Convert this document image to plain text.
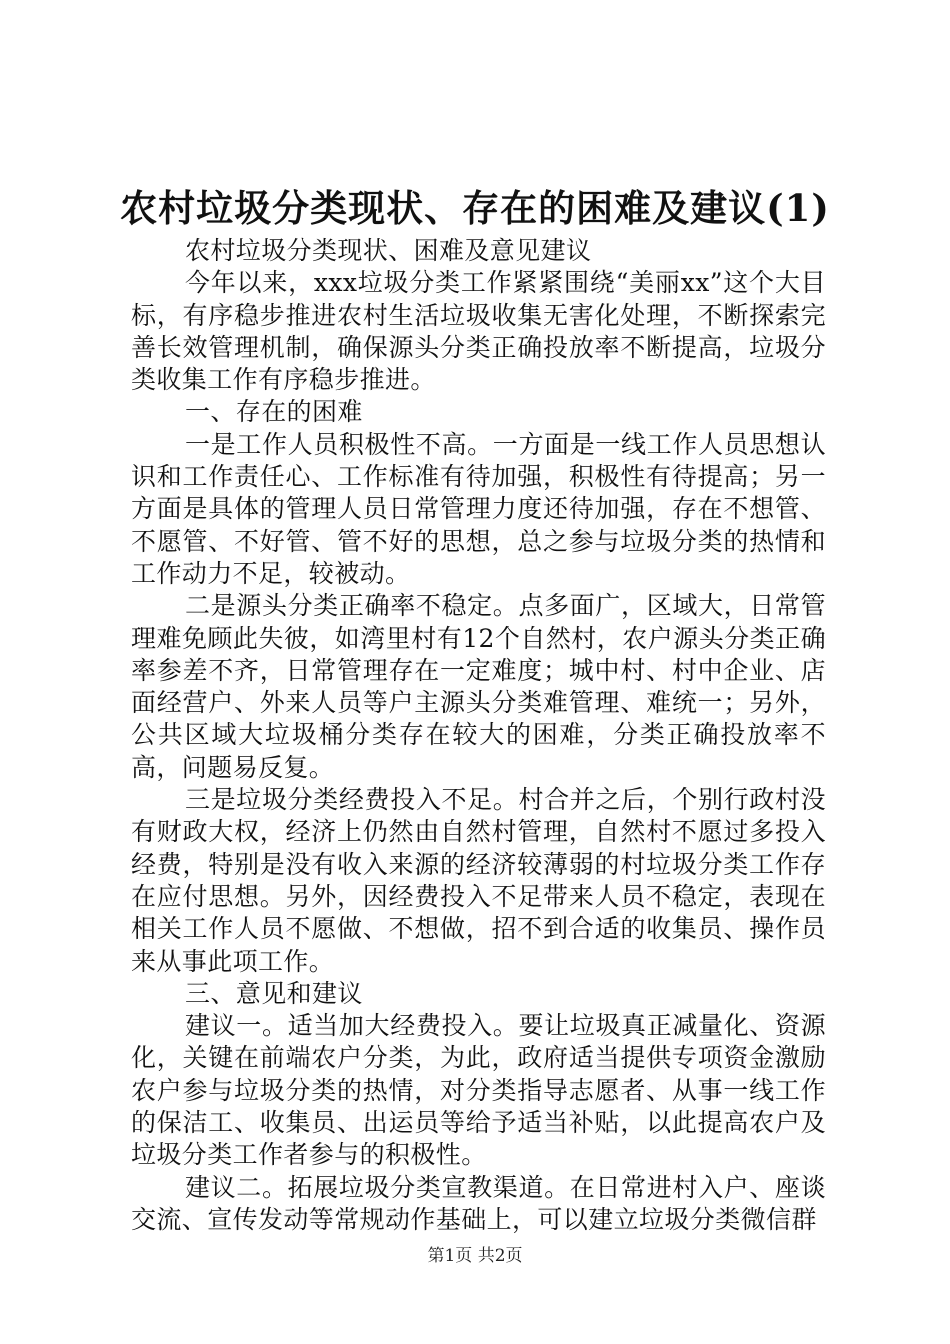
农村垃圾分类现状、存在的困难及建议(1)

农村垃圾分类现状、困难及意见建议

今年以来，xxx垃圾分类工作紧紧围绕“美丽xx”这个大目标，有序稳步推进农村生活垃圾收集无害化处理，不断探索完善长效管理机制，确保源头分类正确投放率不断提高，垃圾分类收集工作有序稳步推进。

一、存在的困难

一是工作人员积极性不高。一方面是一线工作人员思想认识和工作责任心、工作标准有待加强，积极性有待提高；另一方面是具体的管理人员日常管理力度还待加强，存在不想管、不愿管、不好管、管不好的思想，总之参与垃圾分类的热情和工作动力不足，较被动。

二是源头分类正确率不稳定。点多面广，区域大，日常管理难免顾此失彼，如湾里村有12个自然村，农户源头分类正确率参差不齐，日常管理存在一定难度；城中村、村中企业、店面经营户、外来人员等户主源头分类难管理、难统一；另外，公共区域大垃圾桶分类存在较大的困难，分类正确投放率不高，问题易反复。

三是垃圾分类经费投入不足。村合并之后，个别行政村没有财政大权，经济上仍然由自然村管理，自然村不愿过多投入经费，特别是没有收入来源的经济较薄弱的村垃圾分类工作存在应付思想。另外，因经费投入不足带来人员不稳定，表现在相关工作人员不愿做、不想做，招不到合适的收集员、操作员来从事此项工作。

三、意见和建议

建议一。适当加大经费投入。要让垃圾真正减量化、资源化，关键在前端农户分类，为此，政府适当提供专项资金激励农户参与垃圾分类的热情，对分类指导志愿者、从事一线工作的保洁工、收集员、出运员等给予适当补贴，以此提高农户及垃圾分类工作者参与的积极性。

建议二。拓展垃圾分类宣教渠道。在日常进村入户、座谈交流、宣传发动等常规动作基础上，可以建立垃圾分类微信群

第1页 共2页
